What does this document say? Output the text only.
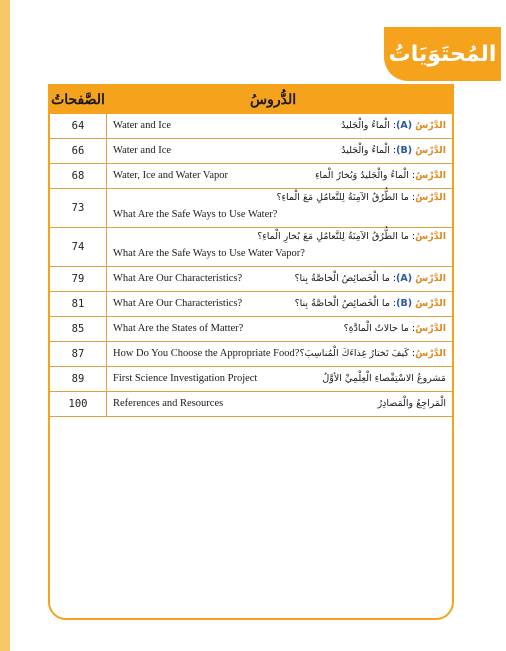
المُحتَوَيَاتُ
الصَّفحاتُ	الدُّروسُ
64	الدَّرْسُ (A): الْماءُ والْجَليدُ
Water and Ice
66	الدَّرْسُ (B): الْماءُ والْجَليدُ
Water and Ice
68	الدَّرْسُ: الْماءُ والْجَليدُ وَبُخارُ الْماءِ
Water, Ice and Water Vapor
73
الدَّرْسُ: ما الطُّرُقُ الآمِنَةُ لِلتَّعامُلِ مَعَ الْماءِ؟
What Are the Safe Ways to Use Water?
74
الدَّرْسُ: ما الطُّرُقُ الآمِنَةُ لِلتَّعامُلِ مَعَ بُخارِ الْماءِ؟
What Are the Safe Ways to Use Water Vapor?
79	الدَّرْسُ (A): ما الْخَصائِصُ الْخاصَّةُ بِنا؟
What Are Our Characteristics?
81	الدَّرْسُ (B): ما الْخَصائِصُ الْخاصَّةُ بِنا؟
What Are Our Characteristics?
85	الدَّرْسُ: ما حالاتُ الْمادَّةِ؟
What Are the States of Matter?
87	الدَّرْسُ: كَيفَ تَختارُ غِذاءَكَ الْمُناسِبَ؟
How Do You Choose the Appropriate Food?
89	مَشروعُ الاسْتِقْصاءِ الْعِلْمِيِّ الأوَّلُ
First Science Investigation Project
100	الْمَراجِعُ والْمَصادِرُ
References and Resources
